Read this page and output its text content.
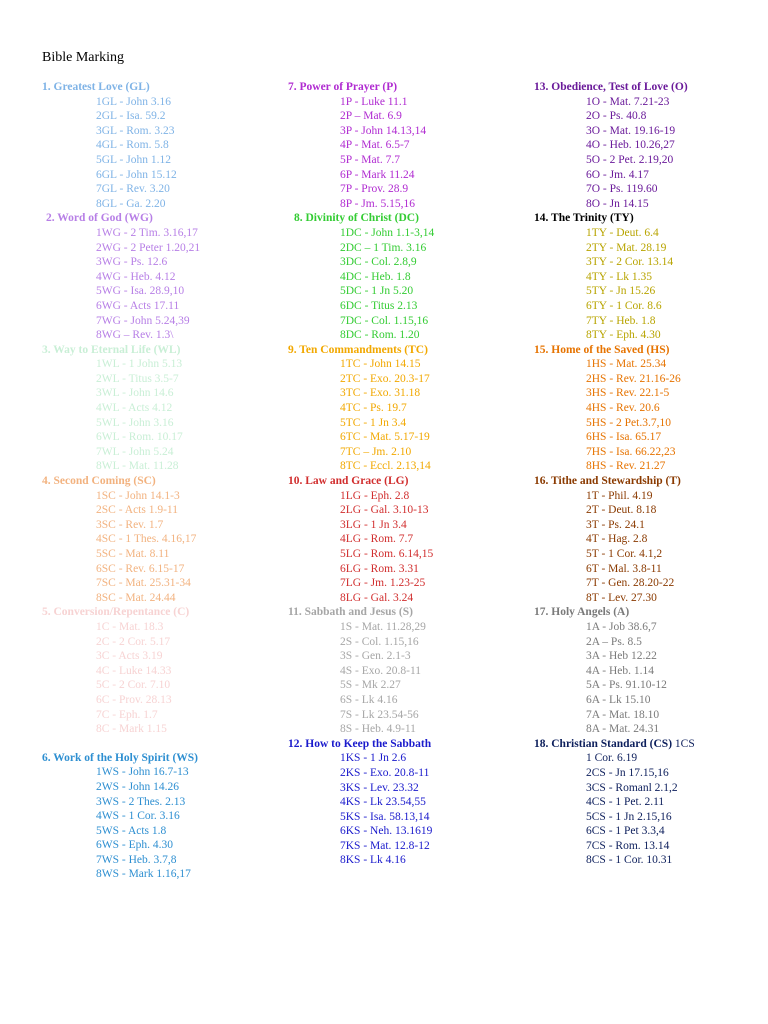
Bible Marking
1. Greatest Love (GL)
1GL - John 3.16
2GL - Isa. 59.2
3GL - Rom. 3.23
4GL - Rom. 5.8
5GL - John 1.12
6GL - John 15.12
7GL - Rev. 3.20
8GL - Ga. 2.20
2. Word of God (WG)
1WG - 2 Tim. 3.16,17
2WG - 2 Peter 1.20,21
3WG - Ps. 12.6
4WG - Heb. 4.12
5WG - Isa. 28.9,10
6WG - Acts 17.11
7WG - John 5.24,39
8WG – Rev. 1.3\
3. Way to Eternal Life (WL)
1WL - 1 John 5.13
2WL - Titus 3.5-7
3WL - John 14.6
4WL - Acts 4.12
5WL - John 3.16
6WL - Rom. 10.17
7WL - John 5.24
8WL - Mat. 11.28
4. Second Coming (SC)
1SC - John 14.1-3
2SC - Acts 1.9-11
3SC - Rev. 1.7
4SC - 1 Thes. 4.16,17
5SC - Mat. 8.11
6SC - Rev. 6.15-17
7SC - Mat. 25.31-34
8SC - Mat. 24.44
5. Conversion/Repentance (C)
1C - Mat. 18.3
2C - 2 Cor. 5.17
3C - Acts 3.19
4C - Luke 14.33
5C - 2 Cor. 7.10
6C - Prov. 28.13
7C - Eph. 1.7
8C - Mark 1.15
6. Work of the Holy Spirit (WS)
1WS - John 16.7-13
2WS - John 14.26
3WS - 2 Thes. 2.13
4WS - 1 Cor. 3.16
5WS - Acts 1.8
6WS - Eph. 4.30
7WS - Heb. 3.7,8
8WS - Mark 1.16,17
7. Power of Prayer (P)
1P - Luke 11.1
2P – Mat. 6.9
3P - John 14.13,14
4P - Mat. 6.5-7
5P - Mat. 7.7
6P - Mark 11.24
7P - Prov. 28.9
8P - Jm. 5.15,16
8. Divinity of Christ (DC)
1DC - John 1.1-3,14
2DC – 1 Tim. 3.16
3DC - Col. 2.8,9
4DC - Heb. 1.8
5DC - 1 Jn 5.20
6DC - Titus 2.13
7DC - Col. 1.15,16
8DC - Rom. 1.20
9. Ten Commandments (TC)
1TC - John 14.15
2TC - Exo. 20.3-17
3TC - Exo. 31.18
4TC - Ps. 19.7
5TC - 1 Jn 3.4
6TC - Mat. 5.17-19
7TC – Jm. 2.10
8TC - Eccl. 2.13,14
10. Law and Grace (LG)
1LG - Eph. 2.8
2LG - Gal. 3.10-13
3LG - 1 Jn 3.4
4LG - Rom. 7.7
5LG - Rom. 6.14,15
6LG - Rom. 3.31
7LG - Jm. 1.23-25
8LG - Gal. 3.24
11. Sabbath and Jesus (S)
1S - Mat. 11.28,29
2S - Col. 1.15,16
3S - Gen. 2.1-3
4S - Exo. 20.8-11
5S - Mk 2.27
6S - Lk 4.16
7S - Lk 23.54-56
8S - Heb. 4.9-11
12. How to Keep the Sabbath
1KS - 1 Jn 2.6
2KS - Exo. 20.8-11
3KS - Lev. 23.32
4KS - Lk 23.54,55
5KS - Isa. 58.13,14
6KS - Neh. 13.1619
7KS - Mat. 12.8-12
8KS - Lk 4.16
13. Obedience, Test of Love (O)
1O - Mat. 7.21-23
2O - Ps. 40.8
3O - Mat. 19.16-19
4O - Heb. 10.26,27
5O - 2 Pet. 2.19,20
6O - Jm. 4.17
7O - Ps. 119.60
8O - Jn 14.15
14. The Trinity (TY)
1TY - Deut. 6.4
2TY - Mat. 28.19
3TY - 2 Cor. 13.14
4TY - Lk 1.35
5TY - Jn 15.26
6TY - 1 Cor. 8.6
7TY - Heb. 1.8
8TY - Eph. 4.30
15. Home of the Saved (HS)
1HS - Mat. 25.34
2HS - Rev. 21.16-26
3HS - Rev. 22.1-5
4HS - Rev. 20.6
5HS - 2 Pet.3.7,10
6HS - Isa. 65.17
7HS - Isa. 66.22,23
8HS - Rev. 21.27
16. Tithe and Stewardship (T)
1T - Phil. 4.19
2T - Deut. 8.18
3T - Ps. 24.1
4T - Hag. 2.8
5T - 1 Cor. 4.1,2
6T - Mal. 3.8-11
7T - Gen. 28.20-22
8T - Lev. 27.30
17. Holy Angels (A)
1A - Job 38.6,7
2A – Ps. 8.5
3A - Heb 12.22
4A - Heb. 1.14
5A - Ps. 91.10-12
6A - Lk 15.10
7A - Mat. 18.10
8A - Mat. 24.31
18. Christian Standard (CS) 1CS
1 Cor. 6.19
2CS - Jn 17.15,16
3CS - Romanl 2.1,2
4CS - 1 Pet. 2.11
5CS - 1 Jn 2.15,16
6CS - 1 Pet 3.3,4
7CS - Rom. 13.14
8CS - 1 Cor. 10.31
